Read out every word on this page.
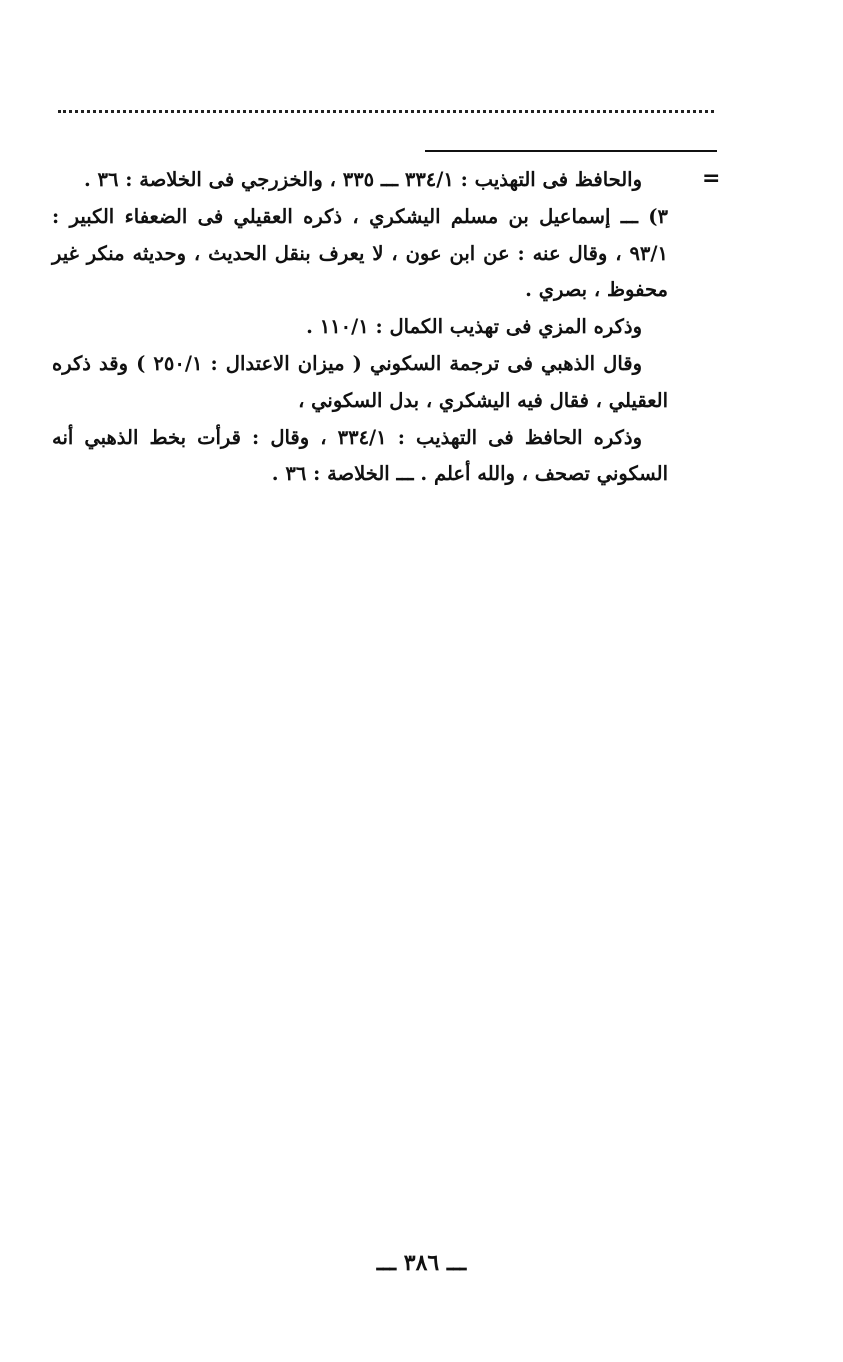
=

والحافظ فى التهذيب : ٣٣٤/١ ـــ ٣٣٥ ، والخزرجي فى الخلاصة : ٣٦ .

٣) ـــ إسماعيل بن مسلم اليشكري ، ذكره العقيلي فى الضعفاء الكبير : ٩٣/١ ، وقال عنه : عن ابن عون ، لا يعرف بنقل الحديث ، وحديثه منكر غير محفوظ ، بصري .

وذكره المزي فى تهذيب الكمال : ١١٠/١ .

وقال الذهبي فى ترجمة السكوني ( ميزان الاعتدال : ٢٥٠/١ ) وقد ذكره العقيلي ، فقال فيه اليشكري ، بدل السكوني ،

وذكره الحافظ فى التهذيب : ٣٣٤/١ ، وقال : قرأت بخط الذهبي أنه السكوني تصحف ، والله أعلم . ـــ الخلاصة : ٣٦ .

ـــ ٣٨٦ ـــ
